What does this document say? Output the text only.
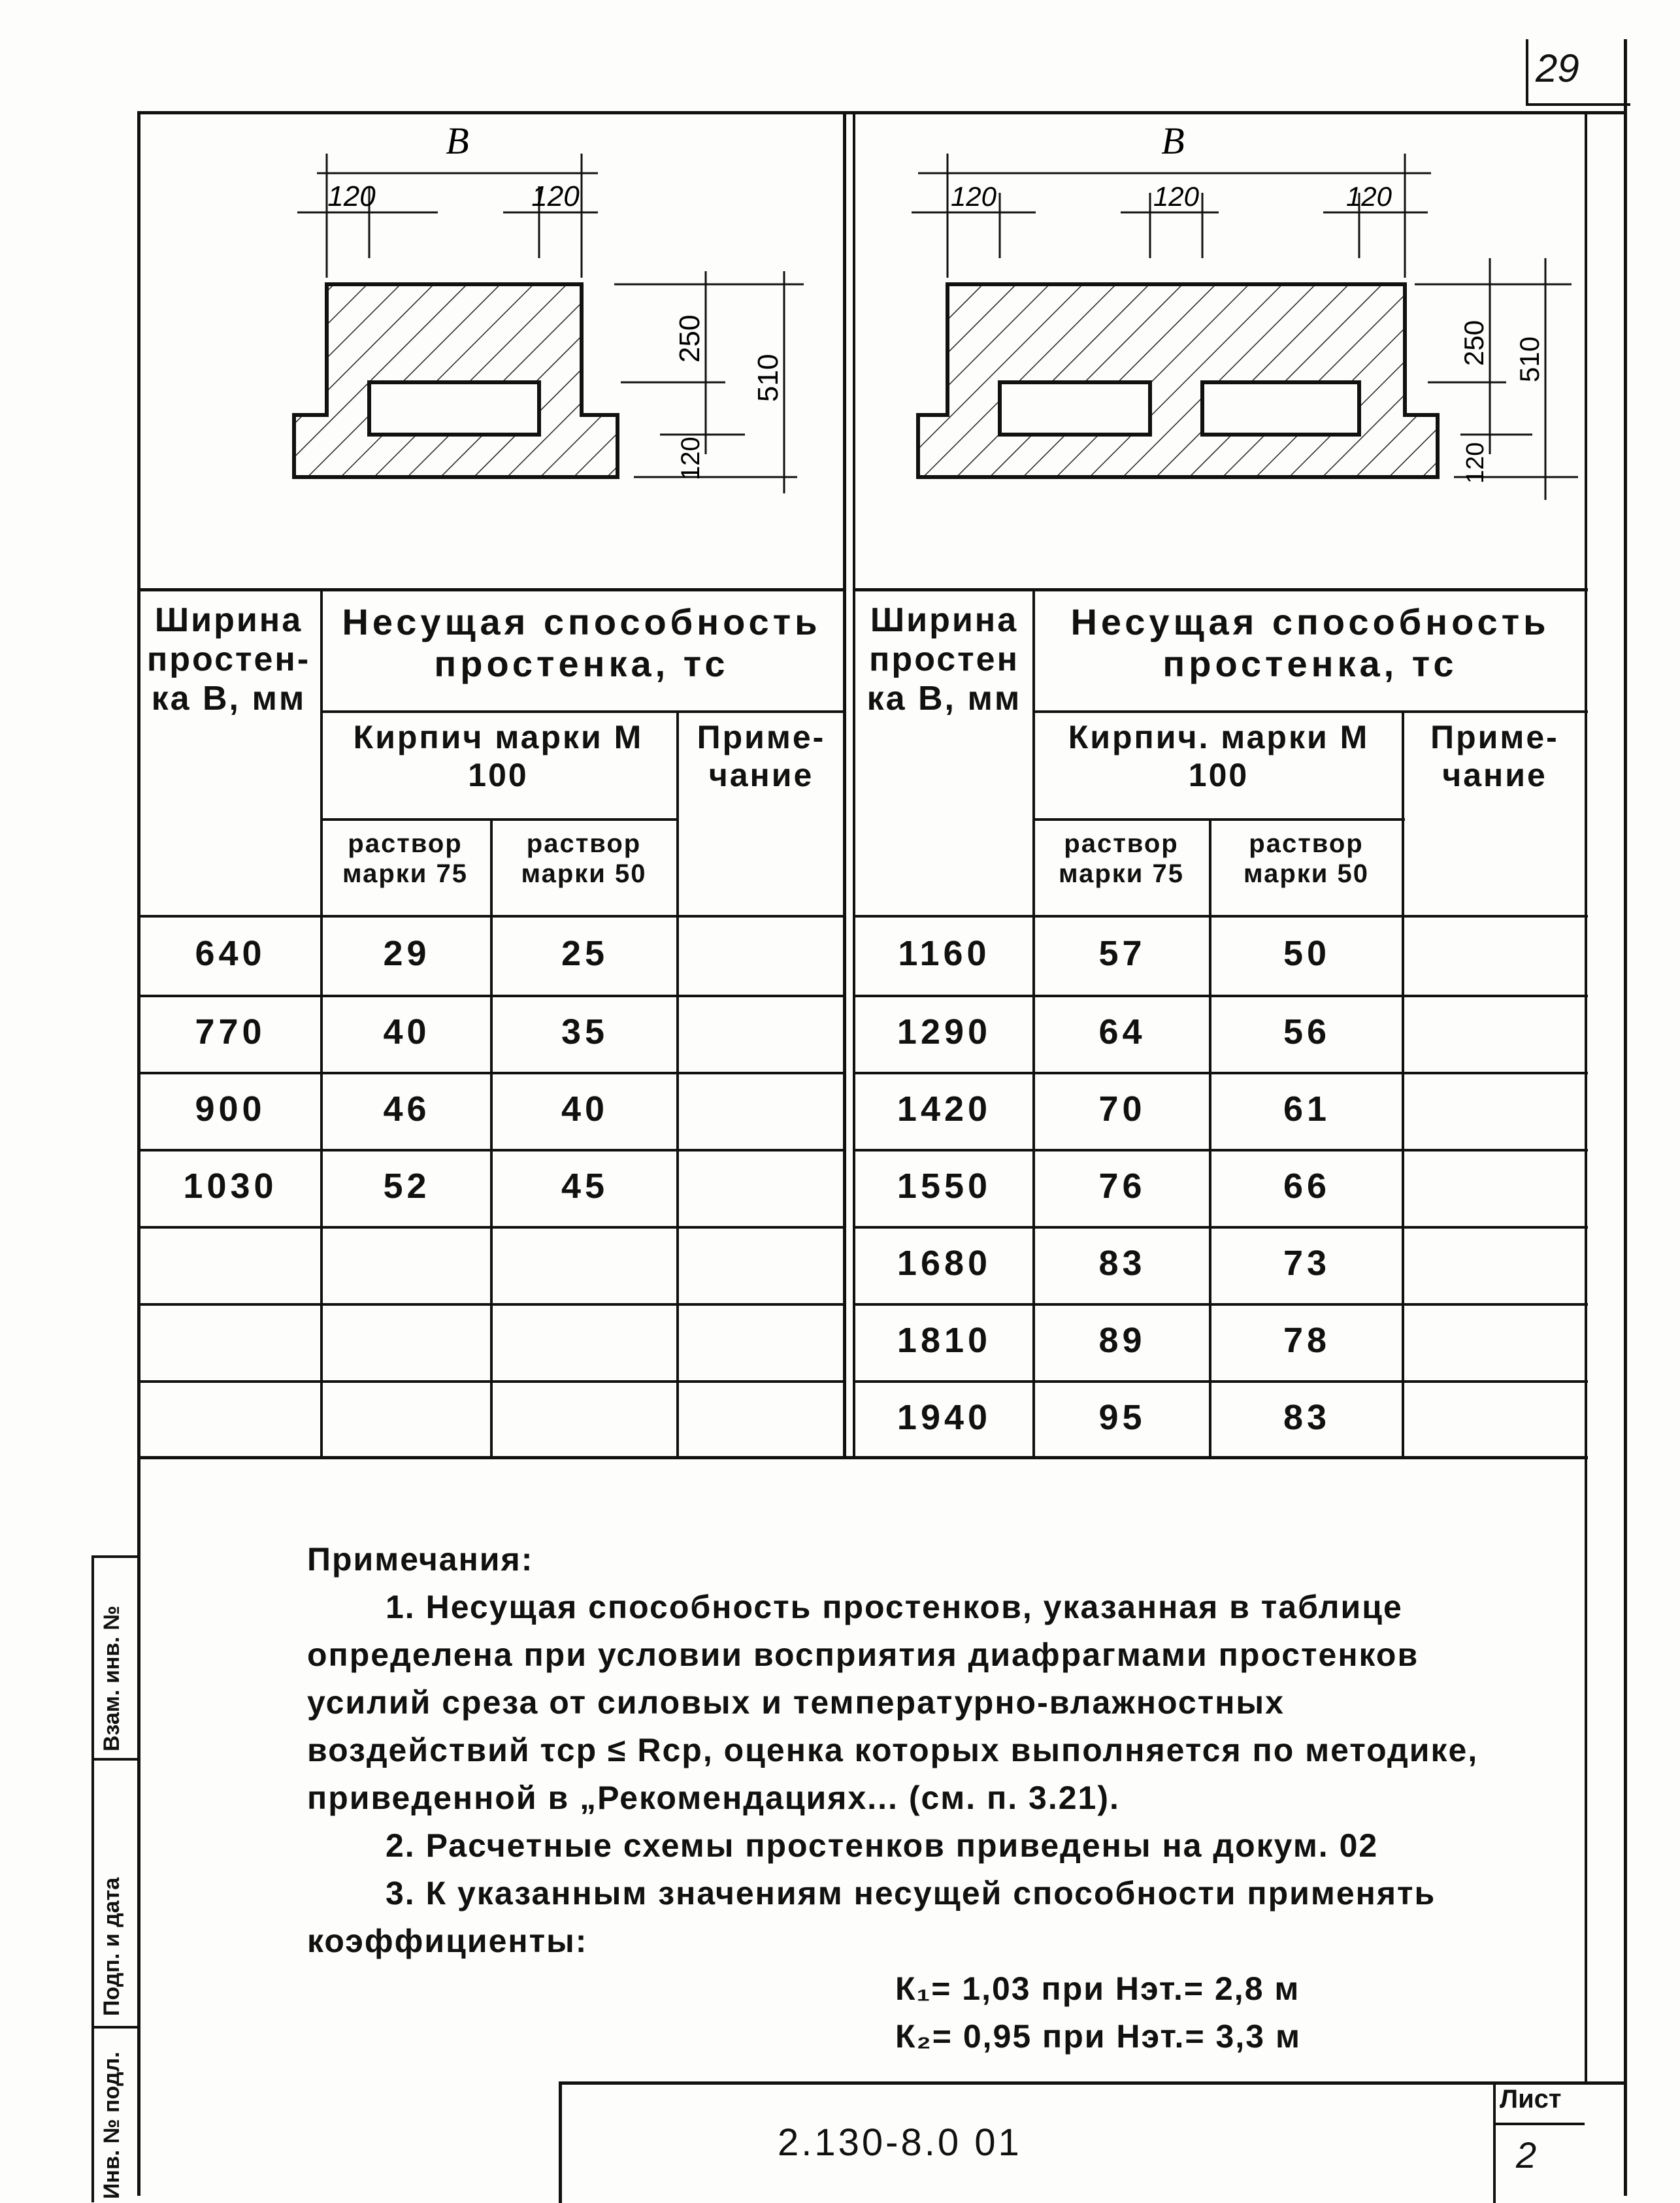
29
B
120	120
250
510
120
B
120	120	120
250 510
120
Ширина простен-ка В, мм
Несущая способность простенка, тс
Кирпич марки М 100
Приме-чание
раствор марки 75
раствор марки 50
640	29	25
770	40	35
900	46	40
1030	52	45
Ширина простен ка В, мм
Несущая способность простенка, тс
Кирпич. марки М 100
Приме-чание
раствор марки 75
раствор марки 50
1160	57	50
1290	64	56
1420	70	61
1550	76	66
1680	83	73
1810	89	78
1940	95	83

Примечания:

1. Несущая способность простенков, указанная в таблице определена при условии восприятия диафрагмами простенков усилий среза от силовых и температурно-влажностных воздействий τср ≤ Rср, оценка которых выполняется по методике, приведенной в „Рекомендациях... (см. п. 3.21).

2. Расчетные схемы простенков приведены на докум. 02

3. К указанным значениям несущей способности применять коэффициенты:

К₁= 1,03 при Нэт.= 2,8 м

К₂= 0,95 при Нэт.= 3,3 м

Взам. инв. №
Подп. и дата
Инв. № подл.	2.130-8.0 01
Лист
2
